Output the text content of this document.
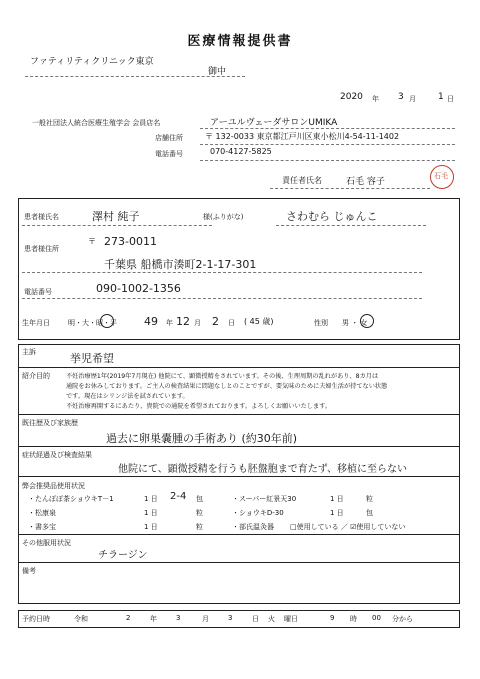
医療情報提供書
ファティリティクリニック東京
御中
2020 年 3 月 1 日
一般社団法人統合医療生殖学会 会員店名	アーユルヴェーダサロンUMIKA
店舗住所	〒 132-0033 東京都江戸川区東小松川4-54-11-1402
電話番号	070-4127-5825
責任者氏名	石毛 容子
石毛
患者様氏名	澤村 純子	様(ふりがな)	さわむら じゅんこ
患者様住所
〒 273-0011
千葉県 船橋市湊町2-1-17-301
電話番号	090-1002-1356
生年月日	明・大・昭・平 49 年 12 月 2 日 ( 45 歳)	性別 男 ・ 女
主訴	挙児希望
紹介目的	不妊治療歴1年(2019年7月現在) 他院にて、顕微授精をされています。その後、生理周期の乱れがあり、8カ月は
通院をお休みしております。ご主人の検査結果に問題なしとのことですが、要気味のために夫婦生活が持てない状態
です。現在はシリンジ法を試されています。
不妊治療再開するにあたり、貴院での通院を希望されております。よろしくお願いいたします。
既往歴及び家族歴
過去に卵巣嚢腫の手術あり (約30年前)
症状経過及び検査結果
他院にて、顕微授精を行うも胚盤胞まで育たず、移植に至らない
弊会推奨品使用状況
・たんぽぽ茶ショウキT－1	1 日 2-4 包
・松康泉	1 日	粒
・書多宝	1 日	粒
・スーパー紅景天30	1 日	粒
・ショウキD-30	1 日	包
・部氏温灸器 □使用している ／ ☑使用していない
その他服用状況
チラージン
備考
予約日時	令和	2	年	3	月	3	日 火 曜日	9 時 00 分から
